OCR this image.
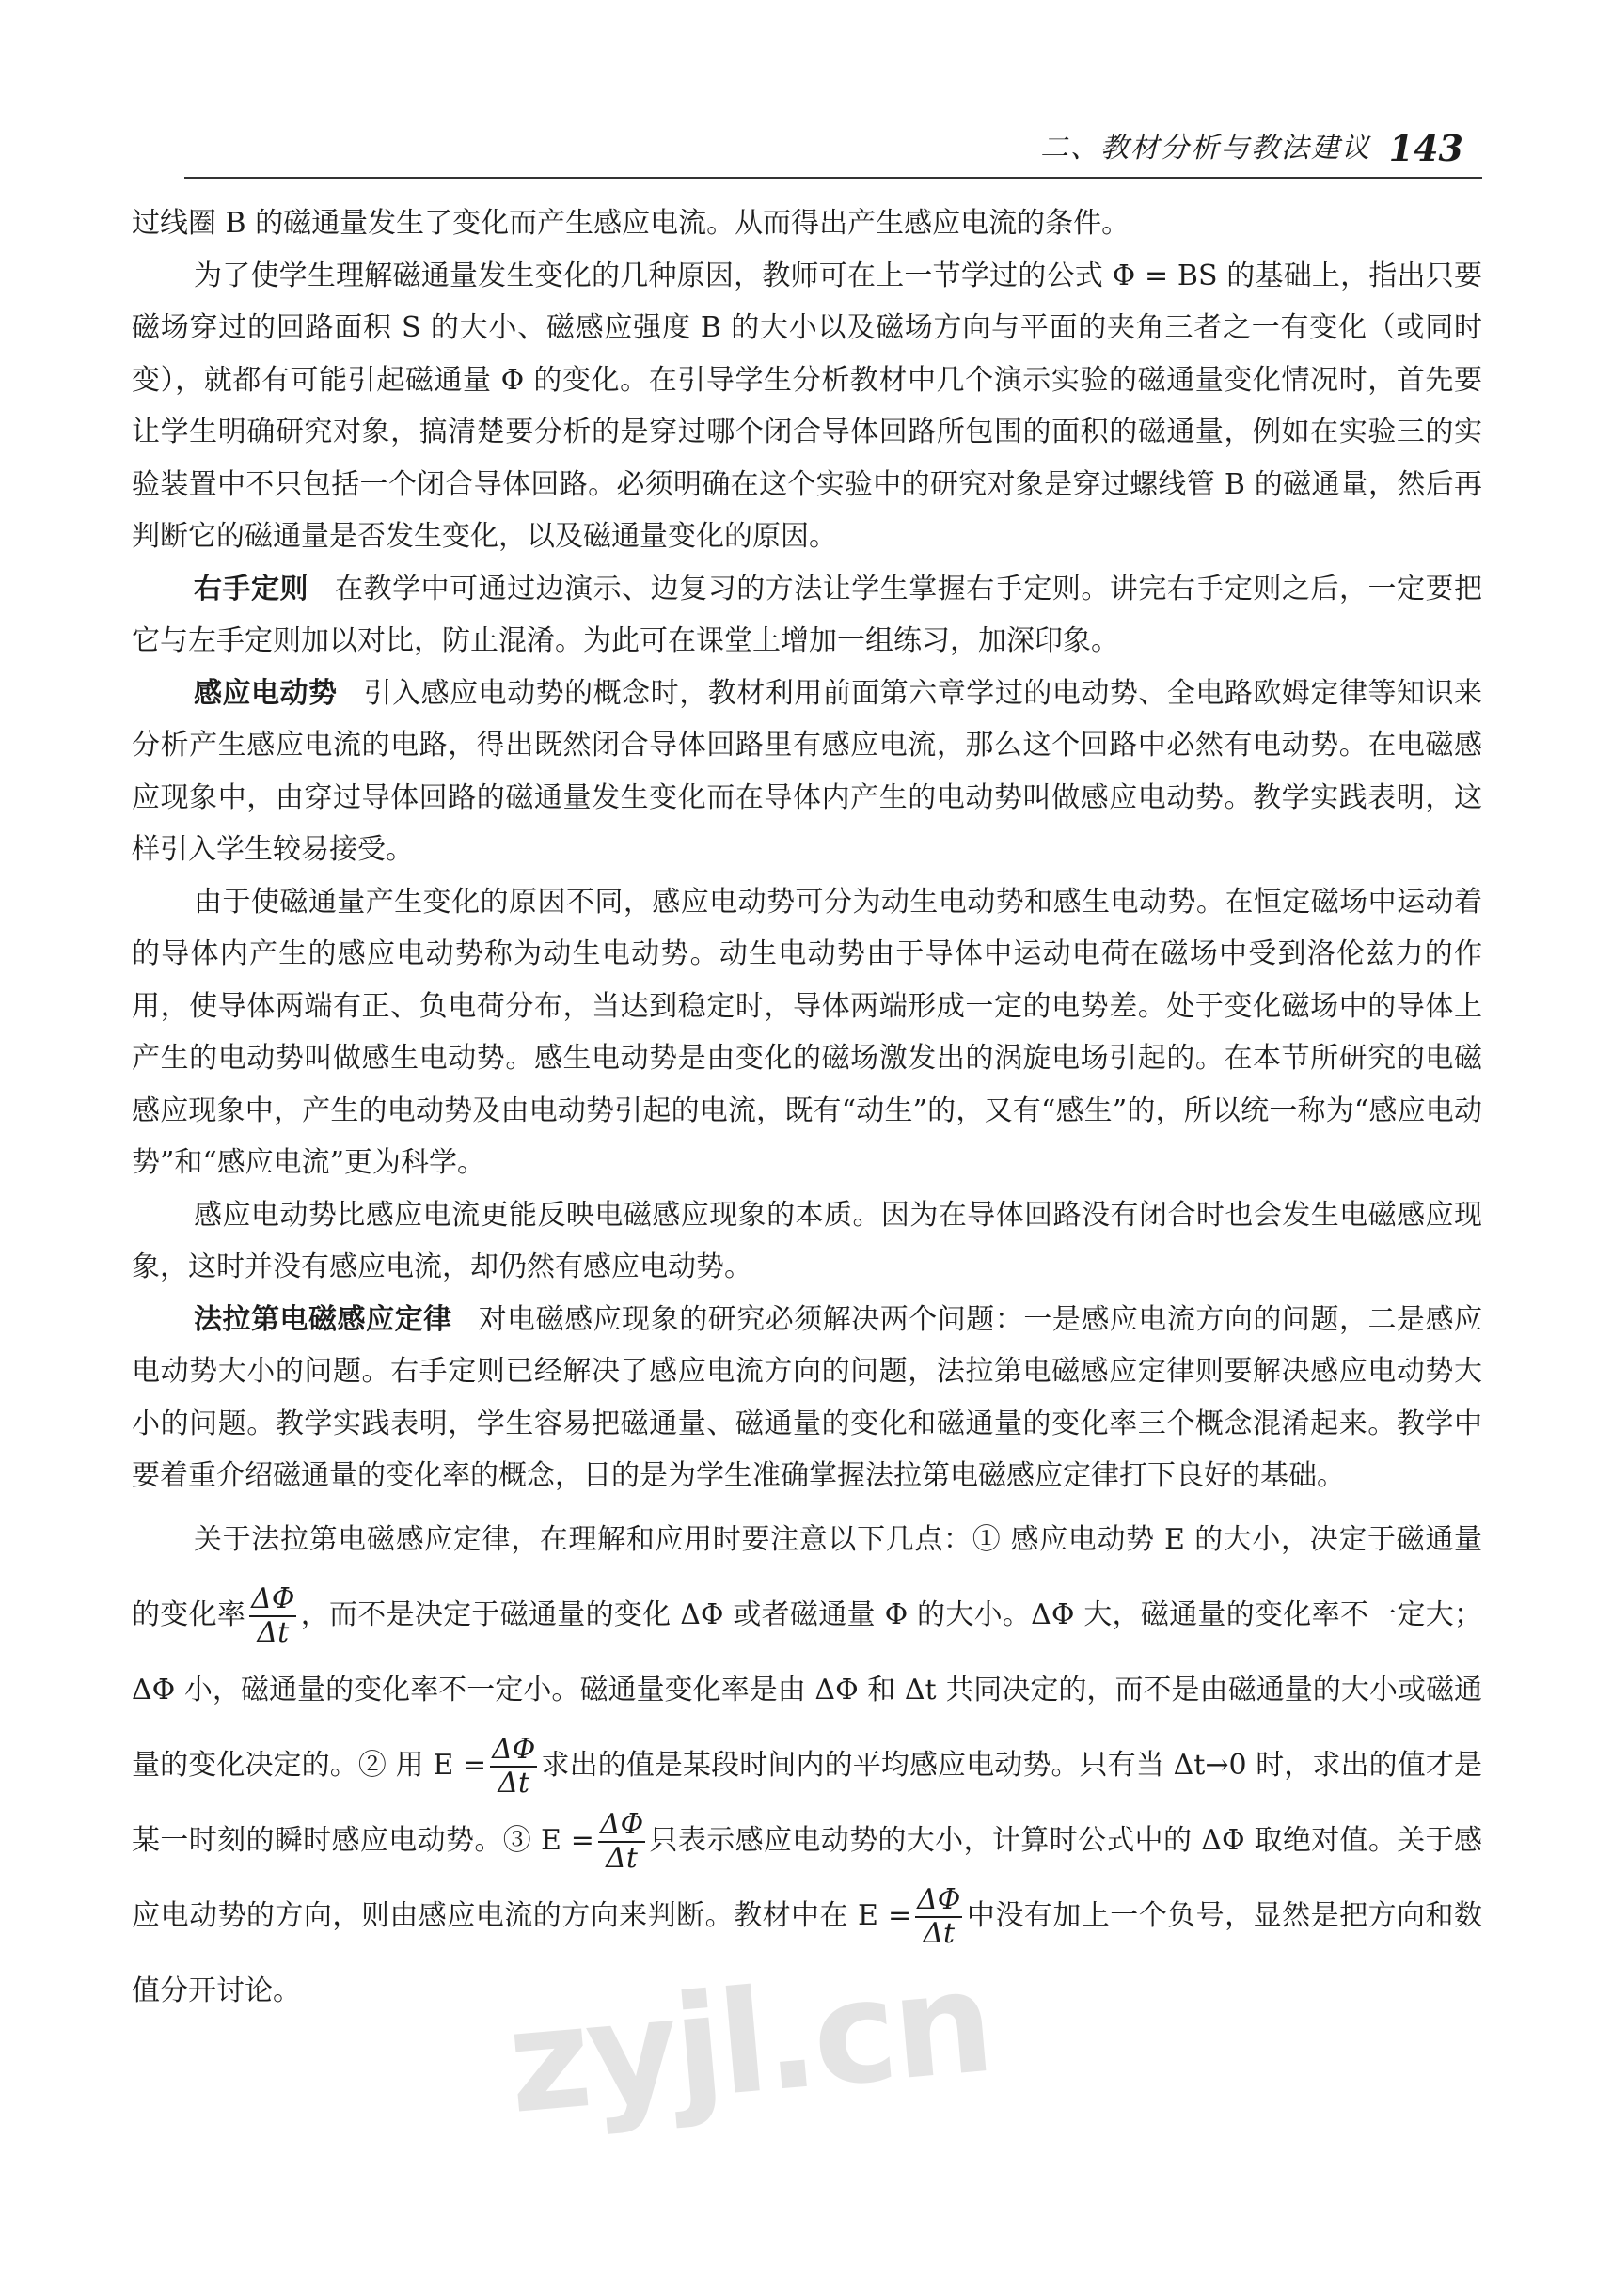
二、教材分析与教法建议 143

过线圈 B 的磁通量发生了变化而产生感应电流。从而得出产生感应电流的条件。

为了使学生理解磁通量发生变化的几种原因，教师可在上一节学过的公式 Φ = BS 的基础上，指出只要磁场穿过的回路面积 S 的大小、磁感应强度 B 的大小以及磁场方向与平面的夹角三者之一有变化（或同时变），就都有可能引起磁通量 Φ 的变化。在引导学生分析教材中几个演示实验的磁通量变化情况时，首先要让学生明确研究对象，搞清楚要分析的是穿过哪个闭合导体回路所包围的面积的磁通量，例如在实验三的实验装置中不只包括一个闭合导体回路。必须明确在这个实验中的研究对象是穿过螺线管 B 的磁通量，然后再判断它的磁通量是否发生变化，以及磁通量变化的原因。

右手定则 在教学中可通过边演示、边复习的方法让学生掌握右手定则。讲完右手定则之后，一定要把它与左手定则加以对比，防止混淆。为此可在课堂上增加一组练习，加深印象。

感应电动势 引入感应电动势的概念时，教材利用前面第六章学过的电动势、全电路欧姆定律等知识来分析产生感应电流的电路，得出既然闭合导体回路里有感应电流，那么这个回路中必然有电动势。在电磁感应现象中，由穿过导体回路的磁通量发生变化而在导体内产生的电动势叫做感应电动势。教学实践表明，这样引入学生较易接受。

由于使磁通量产生变化的原因不同，感应电动势可分为动生电动势和感生电动势。在恒定磁场中运动着的导体内产生的感应电动势称为动生电动势。动生电动势由于导体中运动电荷在磁场中受到洛伦兹力的作用，使导体两端有正、负电荷分布，当达到稳定时，导体两端形成一定的电势差。处于变化磁场中的导体上产生的电动势叫做感生电动势。感生电动势是由变化的磁场激发出的涡旋电场引起的。在本节所研究的电磁感应现象中，产生的电动势及由电动势引起的电流，既有“动生”的，又有“感生”的，所以统一称为“感应电动势”和“感应电流”更为科学。

感应电动势比感应电流更能反映电磁感应现象的本质。因为在导体回路没有闭合时也会发生电磁感应现象，这时并没有感应电流，却仍然有感应电动势。

法拉第电磁感应定律 对电磁感应现象的研究必须解决两个问题：一是感应电流方向的问题，二是感应电动势大小的问题。右手定则已经解决了感应电流方向的问题，法拉第电磁感应定律则要解决感应电动势大小的问题。教学实践表明，学生容易把磁通量、磁通量的变化和磁通量的变化率三个概念混淆起来。教学中要着重介绍磁通量的变化率的概念，目的是为学生准确掌握法拉第电磁感应定律打下良好的基础。

关于法拉第电磁感应定律，在理解和应用时要注意以下几点：① 感应电动势 E 的大小，决定于磁通量的变化率 $\frac{\Delta\Phi}{\Delta t}$ ，而不是决定于磁通量的变化 ΔΦ 或者磁通量 Φ 的大小。ΔΦ 大，磁通量的变化率不一定大；ΔΦ 小，磁通量的变化率不一定小。磁通量变化率是由 ΔΦ 和 Δt 共同决定的，而不是由磁通量的大小或磁通量的变化决定的。② 用 $E = \frac{\Delta\Phi}{\Delta t}$ 求出的值是某段时间内的平均感应电动势。只有当 Δt→0 时，求出的值才是某一时刻的瞬时感应电动势。③ $E = \frac{\Delta\Phi}{\Delta t}$ 只表示感应电动势的大小，计算时公式中的 ΔΦ 取绝对值。关于感应电动势的方向，则由感应电流的方向来判断。教材中在 $E = \frac{\Delta\Phi}{\Delta t}$ 中没有加上一个负号，显然是把方向和数值分开讨论。	zyjl.cn
